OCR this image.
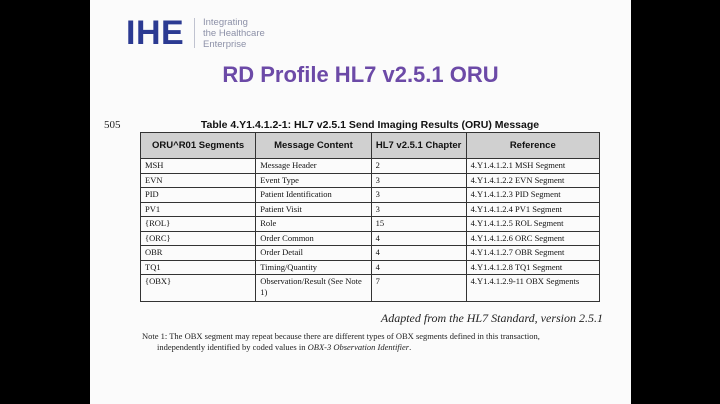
IHE Integrating
the Healthcare
Enterprise
RD Profile HL7 v2.5.1 ORU
505	Table 4.Y1.4.1.2-1: HL7 v2.5.1 Send Imaging Results (ORU) Message
ORU^R01 Segments	Message Content	HL7 v2.5.1 Chapter	Reference
MSH	Message Header	2	4.Y1.4.1.2.1 MSH Segment
EVN	Event Type	3	4.Y1.4.1.2.2 EVN Segment
PID	Patient Identification	3	4.Y1.4.1.2.3 PID Segment
PV1	Patient Visit	3	4.Y1.4.1.2.4 PV1 Segment
{ROL}	Role	15	4.Y1.4.1.2.5 ROL Segment
{ORC}	Order Common	4	4.Y1.4.1.2.6 ORC Segment
OBR	Order Detail	4	4.Y1.4.1.2.7 OBR Segment
TQ1	Timing/Quantity	4	4.Y1.4.1.2.8 TQ1 Segment
{OBX}	Observation/Result (See Note 1)	7	4.Y1.4.1.2.9-11 OBX Segments
Adapted from the HL7 Standard, version 2.5.1
Note 1: The OBX segment may repeat because there are different types of OBX segments defined in this transaction,
independently identified by coded values in OBX-3 Observation Identifier.
